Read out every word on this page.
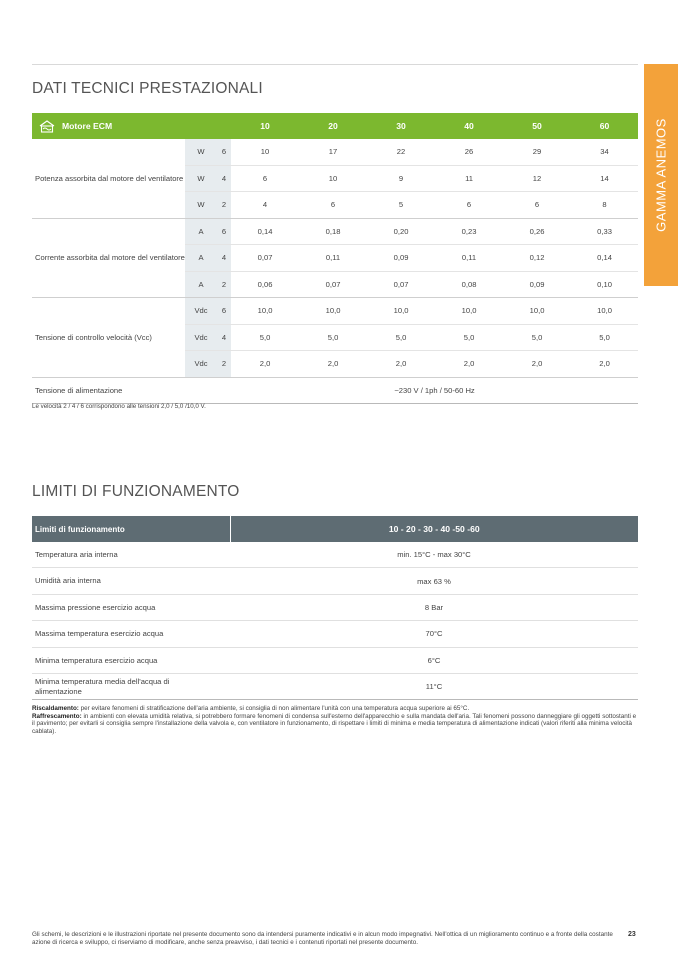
GAMMA ANEMOS
DATI TECNICI PRESTAZIONALI
Motore ECM			10	20	30	40	50	60
Potenza assorbita dal motore del ventilatore	W	6	10	17	22	26	29	34
	W	4	6	10	9	11	12	14
	W	2	4	6	5	6	6	8
Corrente assorbita dal motore del ventilatore	A	6	0,14	0,18	0,20	0,23	0,26	0,33
	A	4	0,07	0,11	0,09	0,11	0,12	0,14
	A	2	0,06	0,07	0,07	0,08	0,09	0,10
Tensione di controllo velocità (Vcc)	Vdc	6	10,0	10,0	10,0	10,0	10,0	10,0
	Vdc	4	5,0	5,0	5,0	5,0	5,0	5,0
	Vdc	2	2,0	2,0	2,0	2,0	2,0	2,0
Tensione di alimentazione			~230 V / 1ph / 50-60 Hz					
Le velocità 2 / 4 / 6 corrispondono alle tensioni 2,0 / 5,0 /10,0 V.
LIMITI DI FUNZIONAMENTO
Limiti di funzionamento	10 - 20 - 30 - 40 -50 -60
Temperatura aria interna	min. 15°C - max 30°C
Umidità aria interna	max 63 %
Massima pressione esercizio acqua	8 Bar
Massima temperatura esercizio acqua	70°C
Minima temperatura esercizio acqua	6°C
Minima temperatura media dell'acqua di alimentazione	11°C
Riscaldamento: per evitare fenomeni di stratificazione dell'aria ambiente, si consiglia di non alimentare l'unità con una temperatura acqua superiore ai 65°C.
Raffrescamento: in ambienti con elevata umidità relativa, si potrebbero formare fenomeni di condensa sull'esterno dell'apparecchio e sulla mandata dell'aria. Tali fenomeni possono danneggiare gli oggetti sottostanti e il pavimento; per evitarli si consiglia sempre l'installazione della valvola e, con ventilatore in funzionamento, di rispettare i limiti di minima e media temperatura di alimentazione indicati (valori riferiti alla minima velocità cablata).
Gli schemi, le descrizioni e le illustrazioni riportate nel presente documento sono da intendersi puramente indicativi e in alcun modo impegnativi. Nell'ottica di un miglioramento continuo e a fronte della costante azione di ricerca e sviluppo, ci riserviamo di modificare, anche senza preavviso, i dati tecnici e i contenuti riportati nel presente documento.
23
